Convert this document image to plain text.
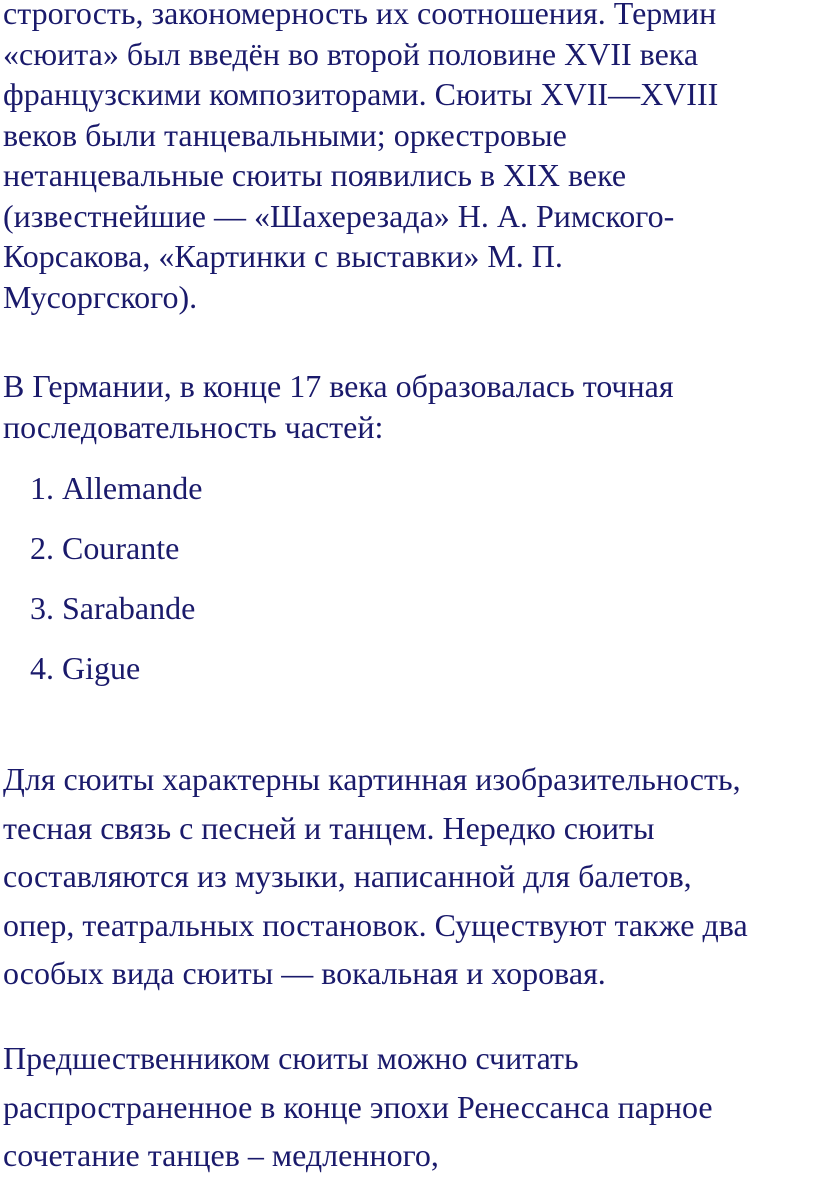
строгость, закономерность их соотношения. Термин
«сюита» был введён во второй половине XVII века
французскими композиторами. Сюиты XVII—XVIII
веков были танцевальными; оркестровые
нетанцевальные сюиты появились в XIX веке
(известнейшие — «Шахерезада» Н. А. Римского-
Корсакова, «Картинки с выставки» М. П.
Мусоргского).

В Германии, в конце 17 века образовалась точная
последовательность частей:

1. Allemande
2. Courante
3. Sarabande
4. Gigue

Для сюиты характерны картинная изобразительность,
тесная связь с песней и танцем. Нередко сюиты
составляются из музыки, написанной для балетов,
опер, театральных постановок. Существуют также два
особых вида сюиты — вокальная и хоровая.

Предшественником сюиты можно считать
распространенное в конце эпохи Ренессанса парное
сочетание танцев – медленного,
